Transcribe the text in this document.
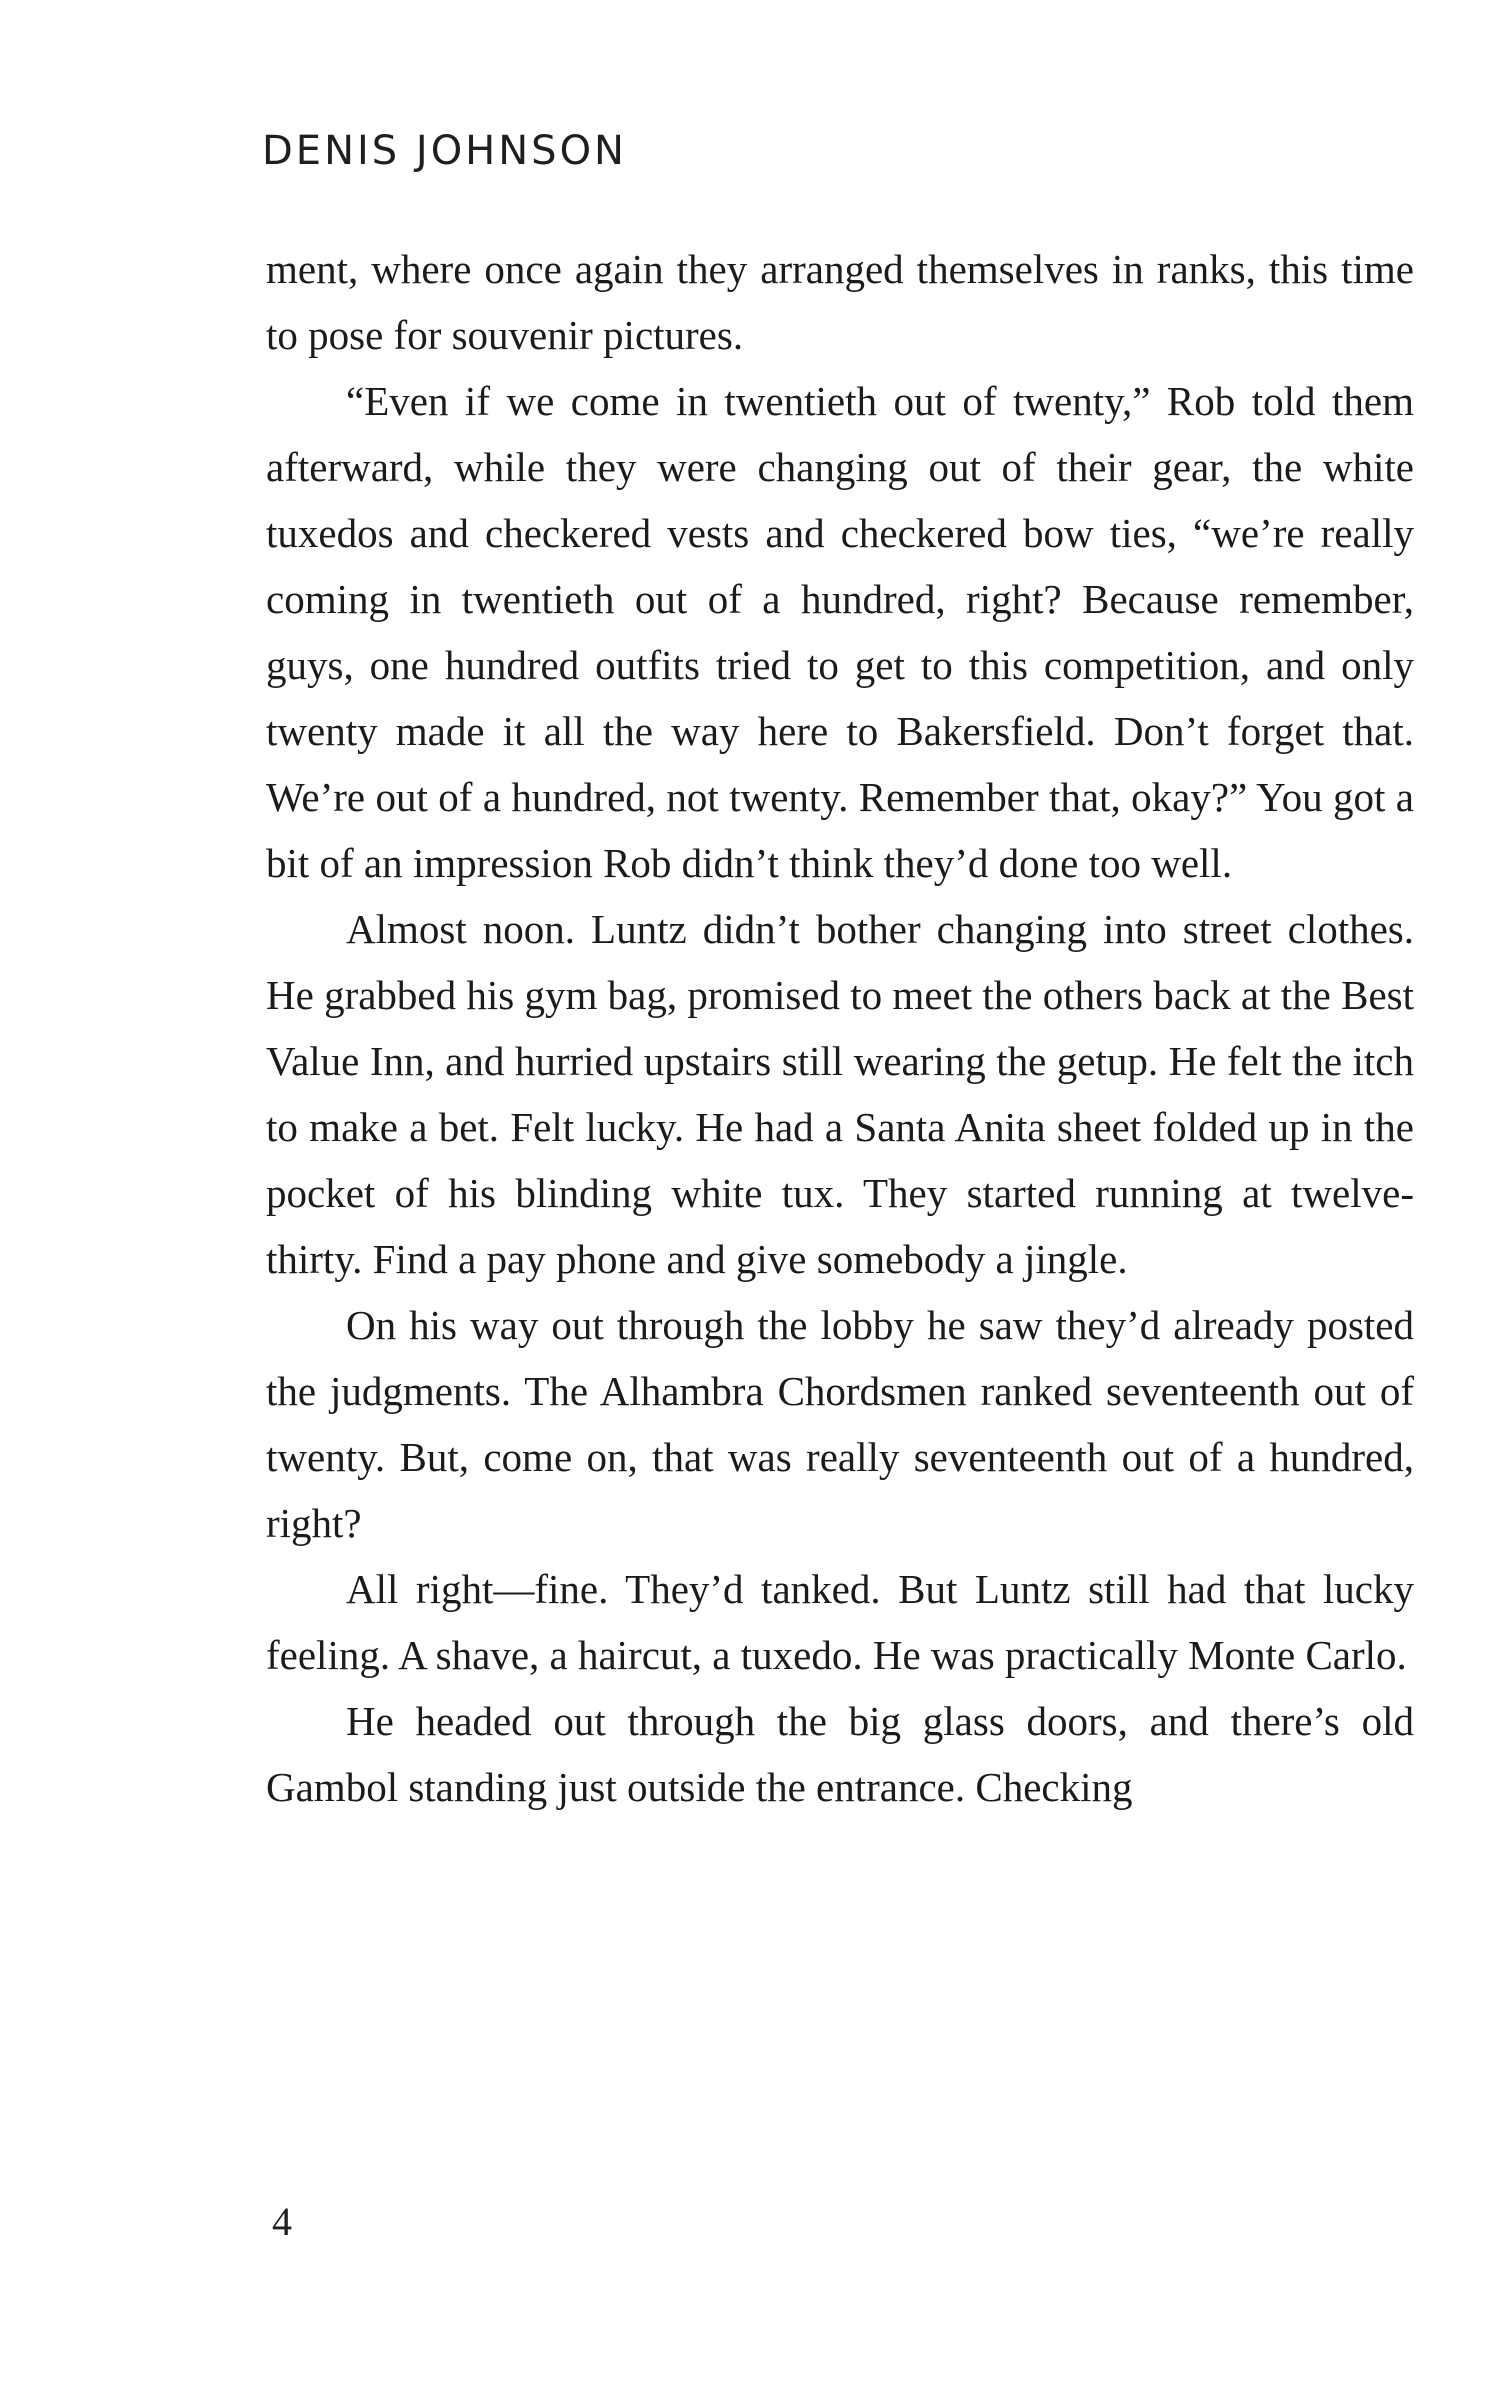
DENIS JOHNSON

ment, where once again they arranged themselves in ranks, this time to pose for souvenir pictures.

“Even if we come in twentieth out of twenty,” Rob told them afterward, while they were changing out of their gear, the white tuxedos and checkered vests and checkered bow ties, “we’re really coming in twentieth out of a hundred, right? Because remember, guys, one hundred outfits tried to get to this competition, and only twenty made it all the way here to Bakersfield. Don’t forget that. We’re out of a hundred, not twenty. Remember that, okay?” You got a bit of an impression Rob didn’t think they’d done too well.

Almost noon. Luntz didn’t bother changing into street clothes. He grabbed his gym bag, promised to meet the others back at the Best Value Inn, and hurried upstairs still wearing the getup. He felt the itch to make a bet. Felt lucky. He had a Santa Anita sheet folded up in the pocket of his blinding white tux. They started running at twelve-thirty. Find a pay phone and give somebody a jingle.

On his way out through the lobby he saw they’d already posted the judgments. The Alhambra Chordsmen ranked seventeenth out of twenty. But, come on, that was really seventeenth out of a hundred, right?

All right—fine. They’d tanked. But Luntz still had that lucky feeling. A shave, a haircut, a tuxedo. He was practically Monte Carlo.

He headed out through the big glass doors, and there’s old Gambol standing just outside the entrance. Checking

4
